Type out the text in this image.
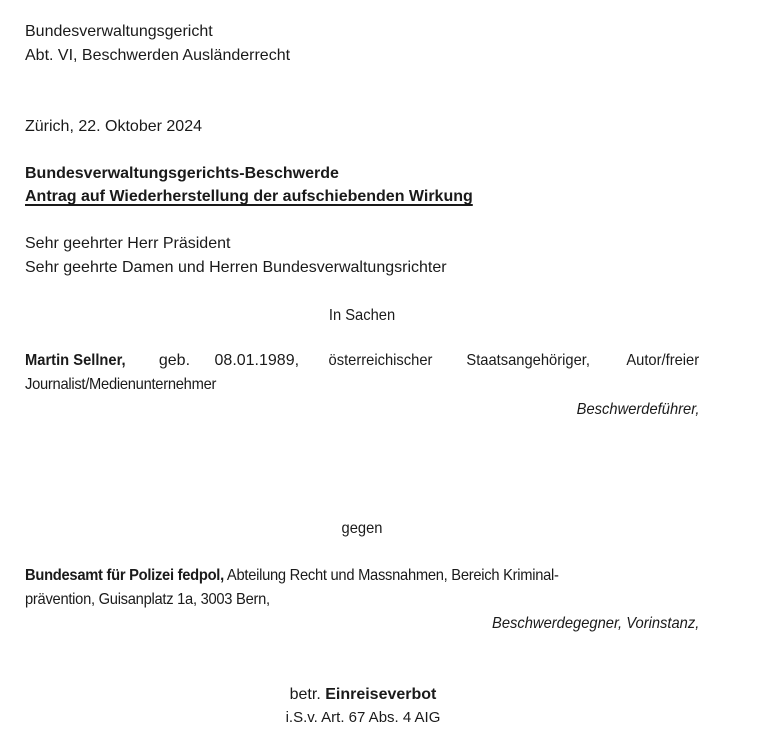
Bundesverwaltungsgericht
Abt. VI, Beschwerden Ausländerrecht
Zürich, 22. Oktober 2024
Bundesverwaltungsgerichts-Beschwerde
Antrag auf Wiederherstellung der aufschiebenden Wirkung
Sehr geehrter Herr Präsident
Sehr geehrte Damen und Herren Bundesverwaltungsrichter
In Sachen
Martin Sellner, geb. 08.01.1989, österreichischer Staatsangehöriger, Autor/freier
Journalist/Medienunternehmer
Beschwerdeführer,
gegen
Bundesamt für Polizei fedpol, Abteilung Recht und Massnahmen, Bereich Kriminal-
prävention, Guisanplatz 1a, 3003 Bern,
Beschwerdegegner, Vorinstanz,
betr. Einreiseverbot
i.S.v. Art. 67 Abs. 4 AIG
